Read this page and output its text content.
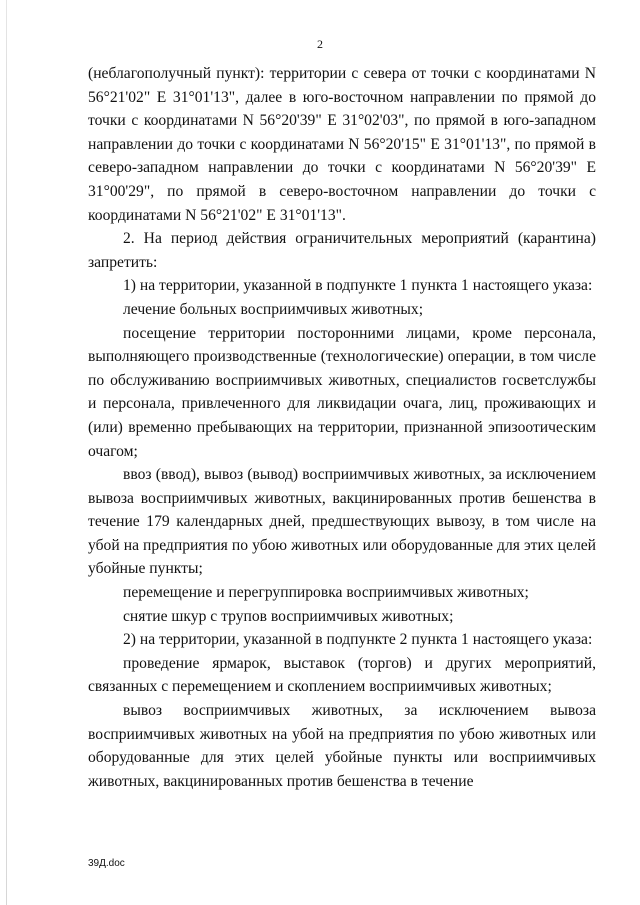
2

(неблагополучный пункт): территории с севера от точки с координатами N 56°21'02" E 31°01'13", далее в юго-восточном направлении по прямой до точки с координатами N 56°20'39" E 31°02'03", по прямой в юго-западном направлении до точки с координатами N 56°20'15" E 31°01'13", по прямой в северо-западном направлении до точки с координатами N 56°20'39" E 31°00'29", по прямой в северо-восточном направлении до точки с координатами N 56°21'02" E 31°01'13".

2. На период действия ограничительных мероприятий (карантина) запретить:

1) на территории, указанной в подпункте 1 пункта 1 настоящего указа:

лечение больных восприимчивых животных;

посещение территории посторонними лицами, кроме персонала, выполняющего производственные (технологические) операции, в том числе по обслуживанию восприимчивых животных, специалистов госветслужбы и персонала, привлеченного для ликвидации очага, лиц, проживающих и (или) временно пребывающих на территории, признанной эпизоотическим очагом;

ввоз (ввод), вывоз (вывод) восприимчивых животных, за исключением вывоза восприимчивых животных, вакцинированных против бешенства в течение 179 календарных дней, предшествующих вывозу, в том числе на убой на предприятия по убою животных или оборудованные для этих целей убойные пункты;

перемещение и перегруппировка восприимчивых животных;

снятие шкур с трупов восприимчивых животных;

2) на территории, указанной в подпункте 2 пункта 1 настоящего указа:

проведение ярмарок, выставок (торгов) и других мероприятий, связанных с перемещением и скоплением восприимчивых животных;

вывоз восприимчивых животных, за исключением вывоза восприимчивых животных на убой на предприятия по убою животных или оборудованные для этих целей убойные пункты или восприимчивых животных, вакцинированных против бешенства в течение

39Д.doc
